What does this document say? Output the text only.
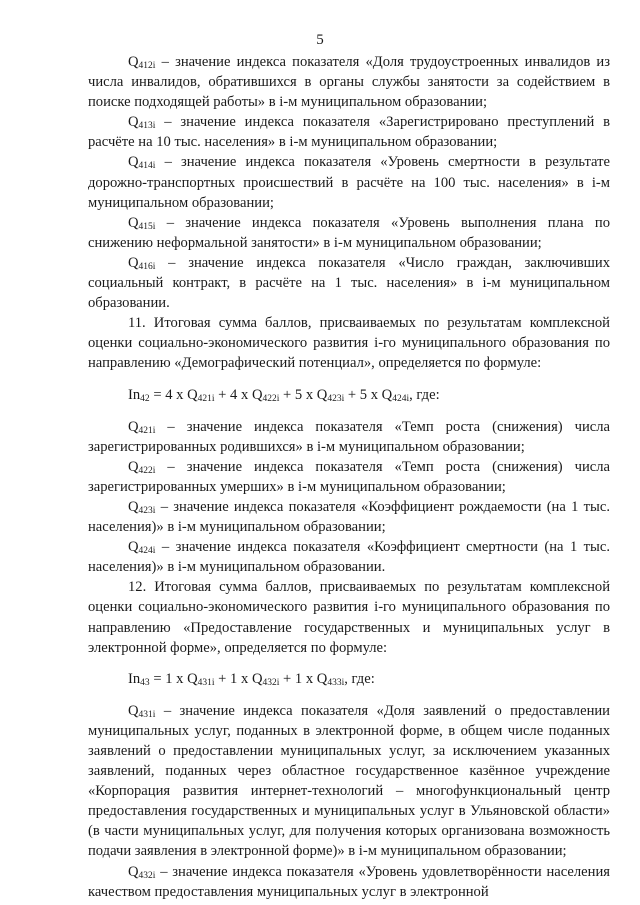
5

$Q_{412i}$ – значение индекса показателя «Доля трудоустроенных инвалидов из числа инвалидов, обратившихся в органы службы занятости за содействием в поиске подходящей работы» в i-м муниципальном образовании;

$Q_{413i}$ – значение индекса показателя «Зарегистрировано преступлений в расчёте на 10 тыс. населения» в i-м муниципальном образовании;

$Q_{414i}$ – значение индекса показателя «Уровень смертности в результате дорожно-транспортных происшествий в расчёте на 100 тыс. населения» в i-м муниципальном образовании;

$Q_{415i}$ – значение индекса показателя «Уровень выполнения плана по снижению неформальной занятости» в i-м муниципальном образовании;

$Q_{416i}$ – значение индекса показателя «Число граждан, заключивших социальный контракт, в расчёте на 1 тыс. населения» в i-м муниципальном образовании.

11. Итоговая сумма баллов, присваиваемых по результатам комплексной оценки социально-экономического развития i-го муниципального образования по направлению «Демографический потенциал», определяется по формуле:

$In_{42} = 4$ x $Q_{421i} + 4$ x $Q_{422i} + 5$ x $Q_{423i} + 5$ x $Q_{424i}$, где:

$Q_{421i}$ – значение индекса показателя «Темп роста (снижения) числа зарегистрированных родившихся» в i-м муниципальном образовании;

$Q_{422i}$ – значение индекса показателя «Темп роста (снижения) числа зарегистрированных умерших» в i-м муниципальном образовании;

$Q_{423i}$ – значение индекса показателя «Коэффициент рождаемости (на 1 тыс. населения)» в i-м муниципальном образовании;

$Q_{424i}$ – значение индекса показателя «Коэффициент смертности (на 1 тыс. населения)» в i-м муниципальном образовании.

12. Итоговая сумма баллов, присваиваемых по результатам комплексной оценки социально-экономического развития i-го муниципального образования по направлению «Предоставление государственных и муниципальных услуг в электронной форме», определяется по формуле:

$In_{43} = 1$ x $Q_{431i} + 1$ x $Q_{432i} + 1$ x $Q_{433i}$, где:

$Q_{431i}$ – значение индекса показателя «Доля заявлений о предоставлении муниципальных услуг, поданных в электронной форме, в общем числе поданных заявлений о предоставлении муниципальных услуг, за исключением указанных заявлений, поданных через областное государственное казённое учреждение «Корпорация развития интернет-технологий – многофункциональный центр предоставления государственных и муниципальных услуг в Ульяновской области» (в части муниципальных услуг, для получения которых организована возможность подачи заявления в электронной форме)» в i-м муниципальном образовании;

$Q_{432i}$ – значение индекса показателя «Уровень удовлетворённости населения качеством предоставления муниципальных услуг в электронной
